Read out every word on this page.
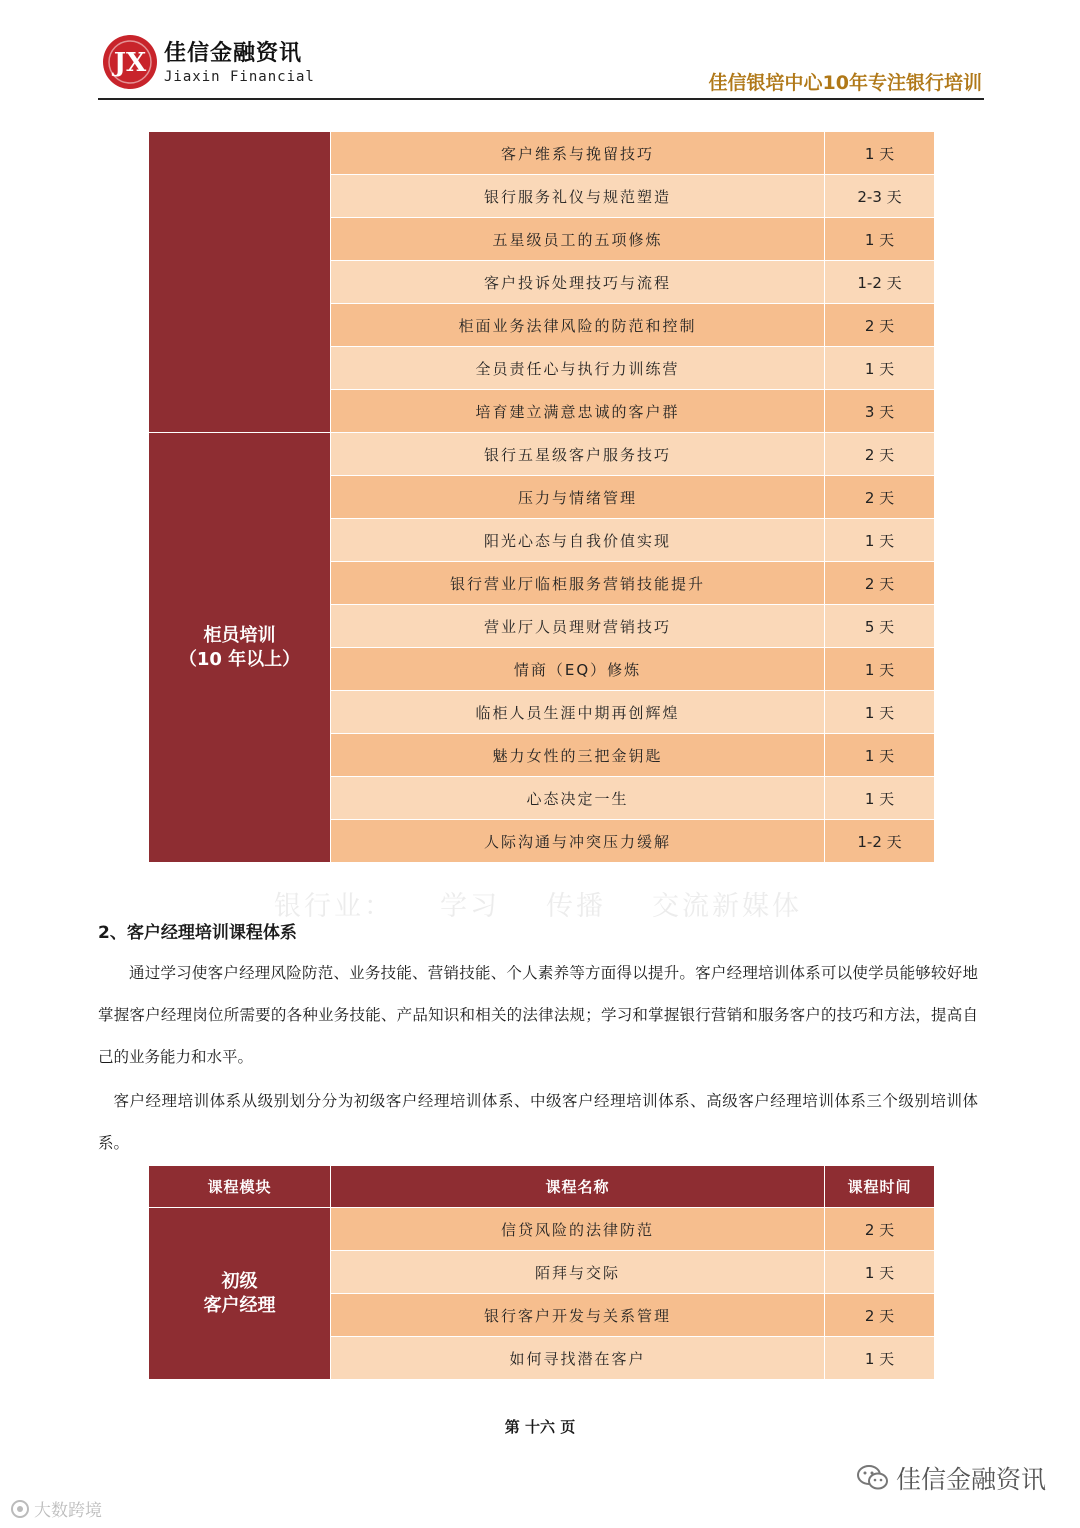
JX 佳信金融资讯
Jiaxin Financial	佳信银培中心10年专注银行培训
	客户维系与挽留技巧	1 天
	银行服务礼仪与规范塑造	2-3 天
	五星级员工的五项修炼	1 天
	客户投诉处理技巧与流程	1-2 天
	柜面业务法律风险的防范和控制	2 天
	全员责任心与执行力训练营	1 天
	培育建立满意忠诚的客户群	3 天

柜员培训
（10 年以上）	银行五星级客户服务技巧	2 天
	压力与情绪管理	2 天
	阳光心态与自我价值实现	1 天
	银行营业厅临柜服务营销技能提升	2 天
	营业厅人员理财营销技巧	5 天
	情商（EQ）修炼	1 天
	临柜人员生涯中期再创辉煌	1 天
	魅力女性的三把金钥匙	1 天
	心态决定一生	1 天
	人际沟通与冲突压力缓解	1-2 天
银行业： 学习 传播 交流新媒体
2、客户经理培训课程体系
通过学习使客户经理风险防范、业务技能、营销技能、个人素养等方面得以提升。客户经理培训体系可以使学员能够较好地掌握客户经理岗位所需要的各种业务技能、产品知识和相关的法律法规；学习和掌握银行营销和服务客户的技巧和方法，提高自己的业务能力和水平。
客户经理培训体系从级别划分分为初级客户经理培训体系、中级客户经理培训体系、高级客户经理培训体系三个级别培训体系。
课程模块	课程名称	课程时间

初级
客户经理	信贷风险的法律防范	2 天
	陌拜与交际	1 天
	银行客户开发与关系管理	2 天
	如何寻找潜在客户	1 天
第 十六 页
佳信金融资讯
大数跨境
